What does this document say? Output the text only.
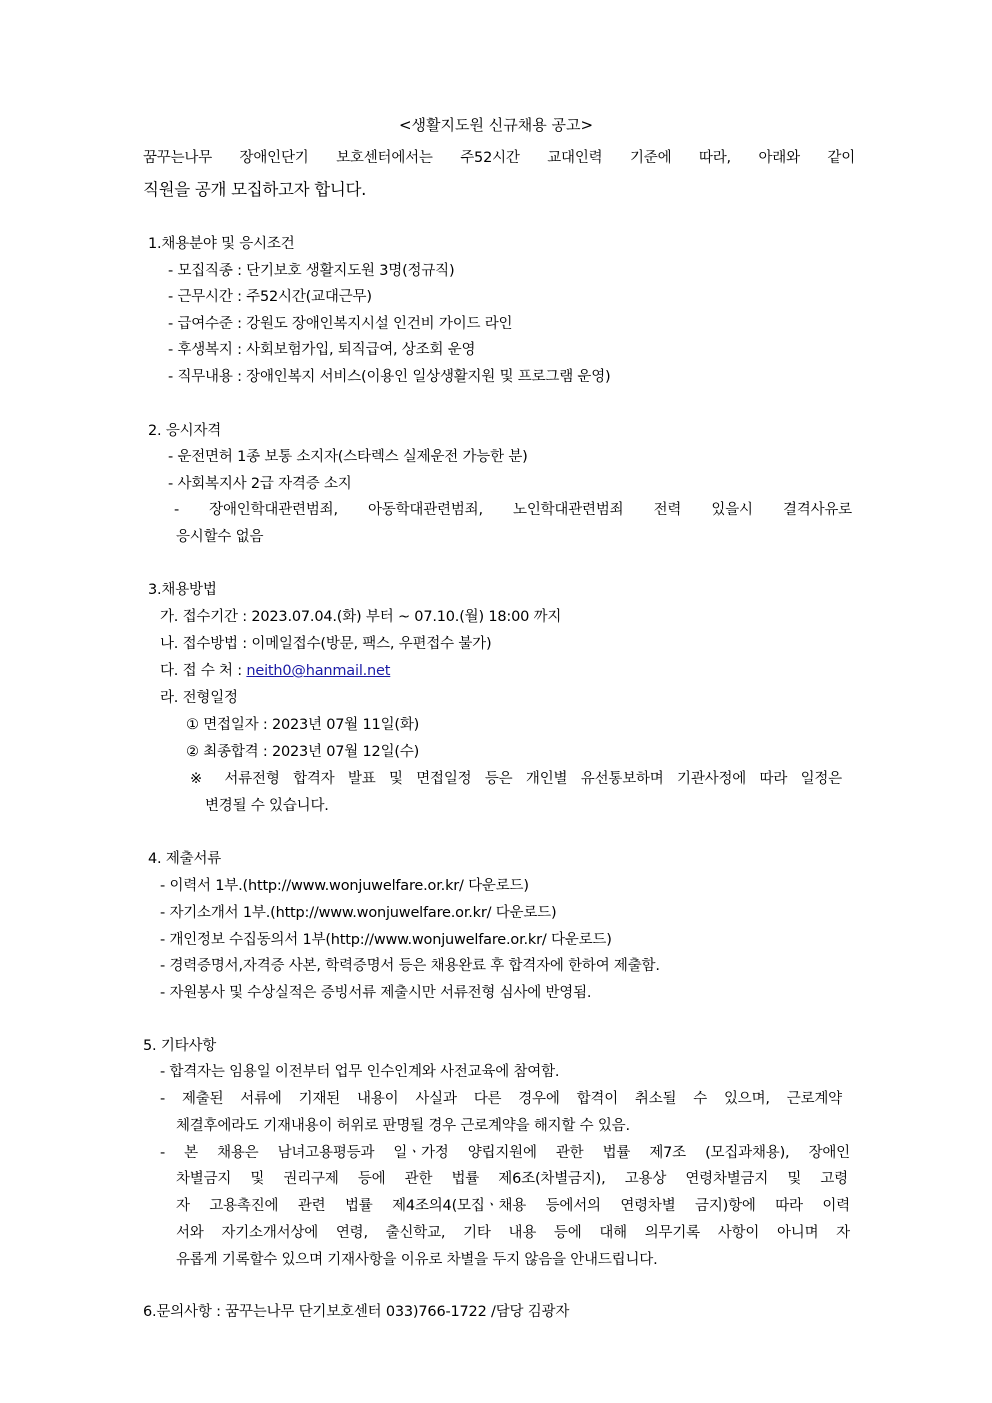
<생활지도원 신규채용 공고>
꿈꾸는나무 장애인단기 보호센터에서는 주52시간 교대인력 기준에 따라, 아래와 같이
직원을 공개 모집하고자 합니다.
1.채용분야 및 응시조건
- 모집직종 : 단기보호 생활지도원 3명(정규직)
- 근무시간 : 주52시간(교대근무)
- 급여수준 : 강원도 장애인복지시설 인건비 가이드 라인
- 후생복지 : 사회보험가입, 퇴직급여, 상조회 운영
- 직무내용 : 장애인복지 서비스(이용인 일상생활지원 및 프로그램 운영)
2. 응시자격
- 운전면허 1종 보통 소지자(스타렉스 실제운전 가능한 분)
- 사회복지사 2급 자격증 소지
- 장애인학대관련범죄, 아동학대관련범죄, 노인학대관련범죄 전력 있을시 결격사유로
응시할수 없음
3.채용방법
가. 접수기간 : 2023.07.04.(화) 부터 ~ 07.10.(월) 18:00 까지
나. 접수방법 : 이메일접수(방문, 팩스, 우편접수 불가)
다. 접 수 처 : neith0@hanmail.net
라. 전형일정
① 면접일자 : 2023년 07월 11일(화)
② 최종합격 : 2023년 07월 12일(수)
※ 서류전형 합격자 발표 및 면접일정 등은 개인별 유선통보하며 기관사정에 따라 일정은
변경될 수 있습니다.
4. 제출서류
- 이력서 1부.(http://www.wonjuwelfare.or.kr/ 다운로드)
- 자기소개서 1부.(http://www.wonjuwelfare.or.kr/ 다운로드)
- 개인정보 수집동의서 1부(http://www.wonjuwelfare.or.kr/ 다운로드)
- 경력증명서,자격증 사본, 학력증명서 등은 채용완료 후 합격자에 한하여 제출함.
- 자원봉사 및 수상실적은 증빙서류 제출시만 서류전형 심사에 반영됨.
5. 기타사항
- 합격자는 임용일 이전부터 업무 인수인계와 사전교육에 참여함.
- 제출된 서류에 기재된 내용이 사실과 다른 경우에 합격이 취소될 수 있으며, 근로계약
체결후에라도 기재내용이 허위로 판명될 경우 근로계약을 해지할 수 있음.
- 본 채용은 남녀고용평등과 일ㆍ가정 양립지원에 관한 법률 제7조 (모집과채용), 장애인
차별금지 및 권리구제 등에 관한 법률 제6조(차별금지), 고용상 연령차별금지 및 고령
자 고용촉진에 관련 법률 제4조의4(모집ㆍ채용 등에서의 연령차별 금지)항에 따라 이력
서와 자기소개서상에 연령, 출신학교, 기타 내용 등에 대해 의무기록 사항이 아니며 자
유롭게 기록할수 있으며 기재사항을 이유로 차별을 두지 않음을 안내드립니다.
6.문의사항 : 꿈꾸는나무 단기보호센터 033)766-1722 /담당 김광자
